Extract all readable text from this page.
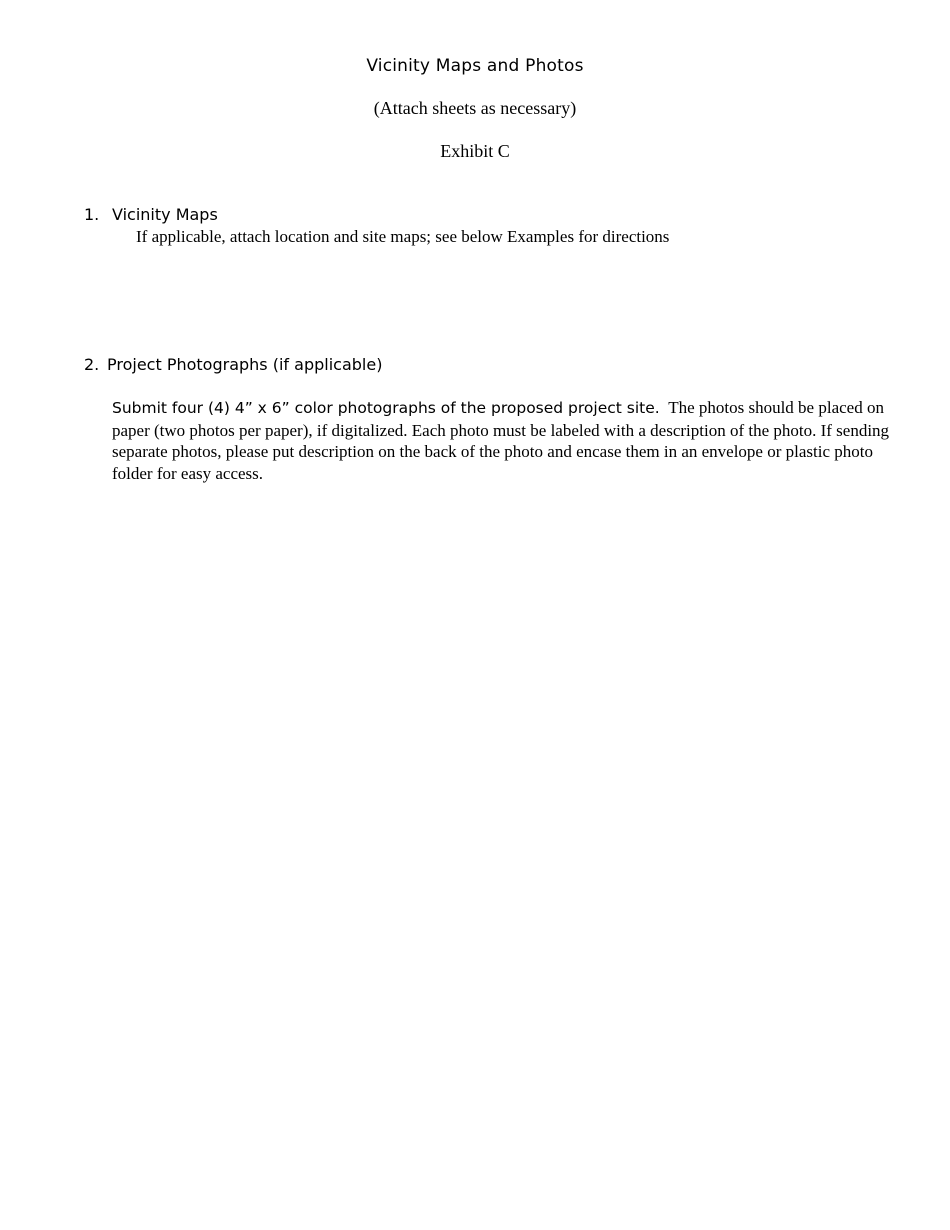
Vicinity Maps and Photos
(Attach sheets as necessary)
Exhibit C
1. Vicinity Maps
If applicable, attach location and site maps; see below Examples for directions
2. Project Photographs (if applicable)
Submit four (4) 4” x 6” color photographs of the proposed project site. The photos should be placed on paper (two photos per paper), if digitalized. Each photo must be labeled with a description of the photo. If sending separate photos, please put description on the back of the photo and encase them in an envelope or plastic photo folder for easy access.
